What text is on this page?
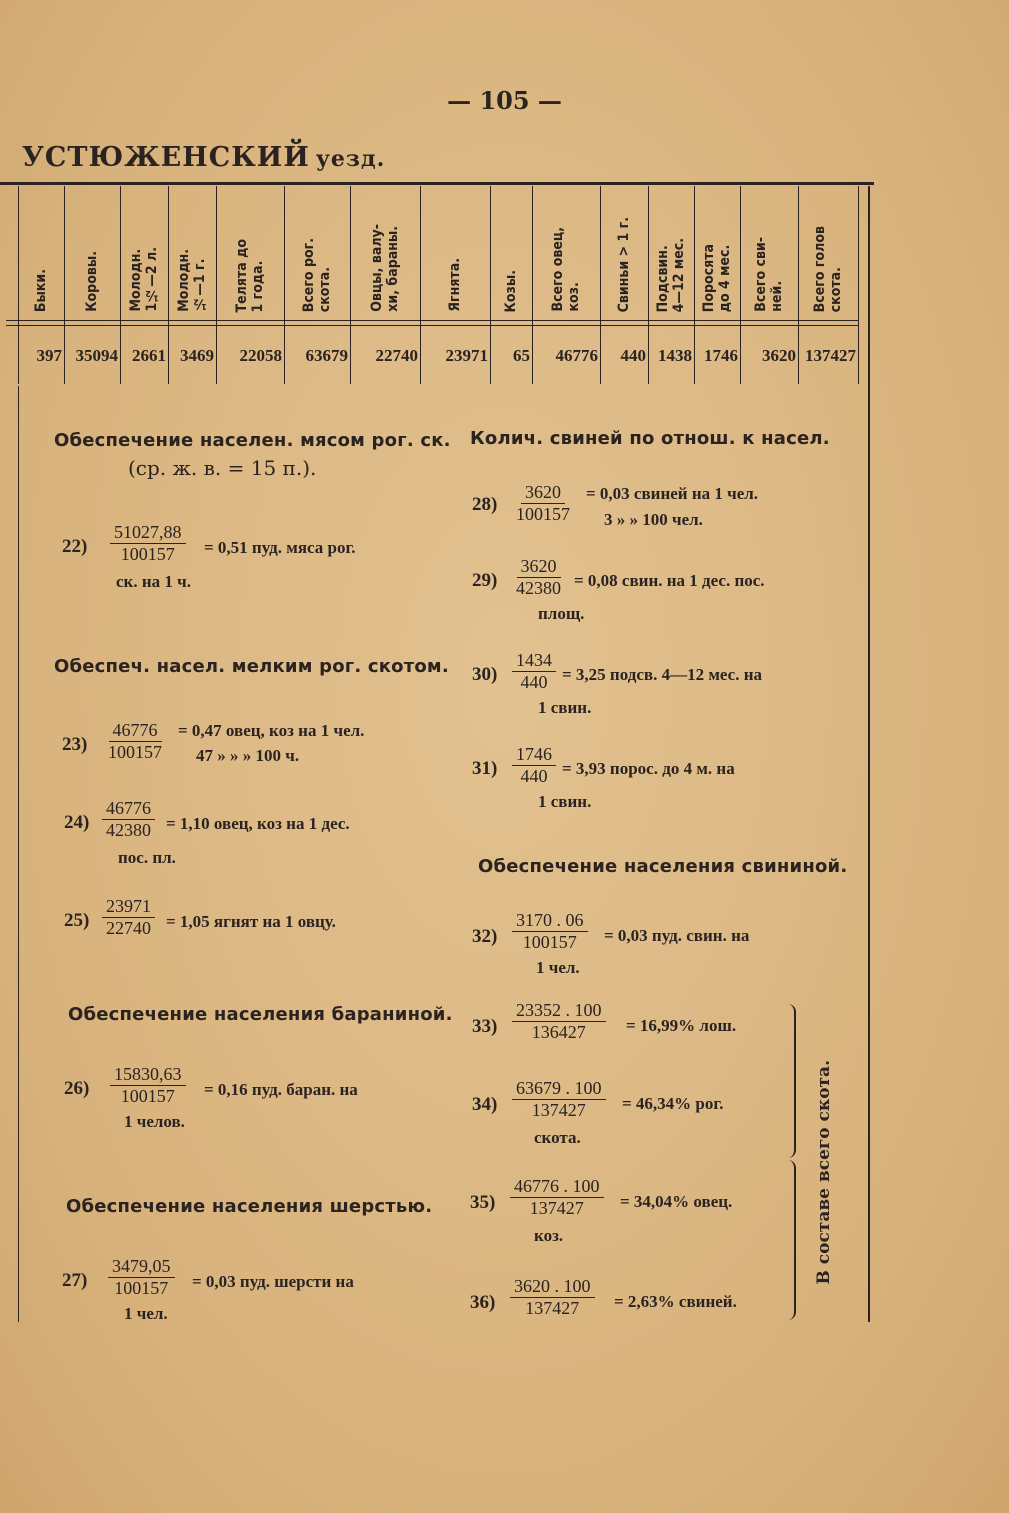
— 105 —
УСТЮЖЕНСКИЙ уезд.
Быки.
397
Коровы.
35094
Молодн.
1½—2 л.
2661
Молодн.
½—1 г.
3469
Телята до
1 года.
22058
Всего рог.
скота.
63679
Овцы, валу-
хи, бараны.
22740
Ягнята.
23971
Козы.
65
Всего овец,
коз.
46776
Свиньи > 1 г.
440
Подсвин.
4—12 мес.
1438
Поросята
до 4 мес.
1746
Всего сви-
ней.
3620
Всего голов
скота.
137427
Обеспечение населен. мясом рог. ск.
(ср. ж. в. = 15 п.).
$22) \frac{51027,88}{100157} = 0,51$ пуд. мяса рог.
ск. на 1 ч.
Обеспеч. насел. мелким рог. скотом.
$23) \frac{46776}{100157} = 0,47$ овец, коз на 1 чел.
47 » » » 100 ч.
$24) \frac{46776}{42380} = 1,10$ овец, коз на 1 дес.
пос. пл.
$25) \frac{23971}{22740} = 1,05$ ягнят на 1 овцу.
Обеспечение населения бараниной.
$26) \frac{15830,63}{100157} = 0,16$ пуд. баран. на
1 челов.
Обеспечение населения шерстью.
$27) \frac{3479,05}{100157} = 0,03$ пуд. шерсти на
1 чел.
Колич. свиней по отнош. к насел.
$28) \frac{3620}{100157} = 0,03$ свиней на 1 чел.
3 » » 100 чел.
$29) \frac{3620}{42380} = 0,08$ свин. на 1 дес. пос.
площ.
$30) \frac{1434}{440} = 3,25$ подсв. 4—12 мес. на
1 свин.
$31) \frac{1746}{440} = 3,93$ порос. до 4 м. на
1 свин.
Обеспечение населения свининой.
$32) \frac{3170 . 06}{100157} = 0,03$ пуд. свин. на
1 чел.
$33) \frac{23352 . 100}{136427} = 16,99\%$ лош.
$34) \frac{63679 . 100}{137427} = 46,34\%$ рог.
скота.
$35) \frac{46776 . 100}{137427} = 34,04\%$ овец.
коз.
$36) \frac{3620 . 100}{137427} = 2,63\%$ свиней.
В составе всего скота.
